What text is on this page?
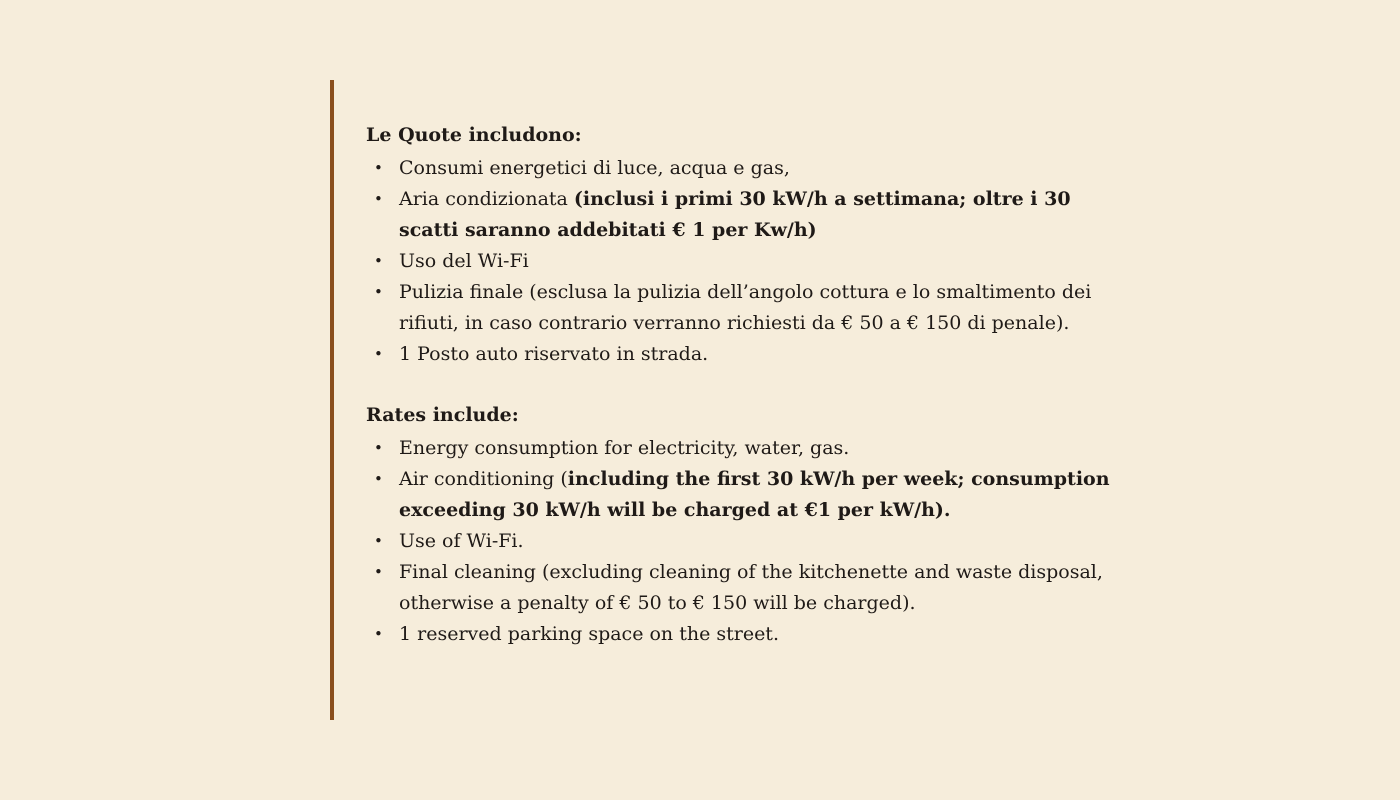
Le Quote includono:

• Consumi energetici di luce, acqua e gas,
• Aria condizionata (inclusi i primi 30 kW/h a settimana; oltre i 30 scatti saranno addebitati € 1 per Kw/h)
• Uso del Wi-Fi
• Pulizia finale (esclusa la pulizia dell’angolo cottura e lo smaltimento dei rifiuti, in caso contrario verranno richiesti da € 50 a € 150 di penale).
• 1 Posto auto riservato in strada.

Rates include:

• Energy consumption for electricity, water, gas.
• Air conditioning (including the first 30 kW/h per week; consumption exceeding 30 kW/h will be charged at €1 per kW/h).
• Use of Wi-Fi.
• Final cleaning (excluding cleaning of the kitchenette and waste disposal, otherwise a penalty of € 50 to € 150 will be charged).
• 1 reserved parking space on the street.
